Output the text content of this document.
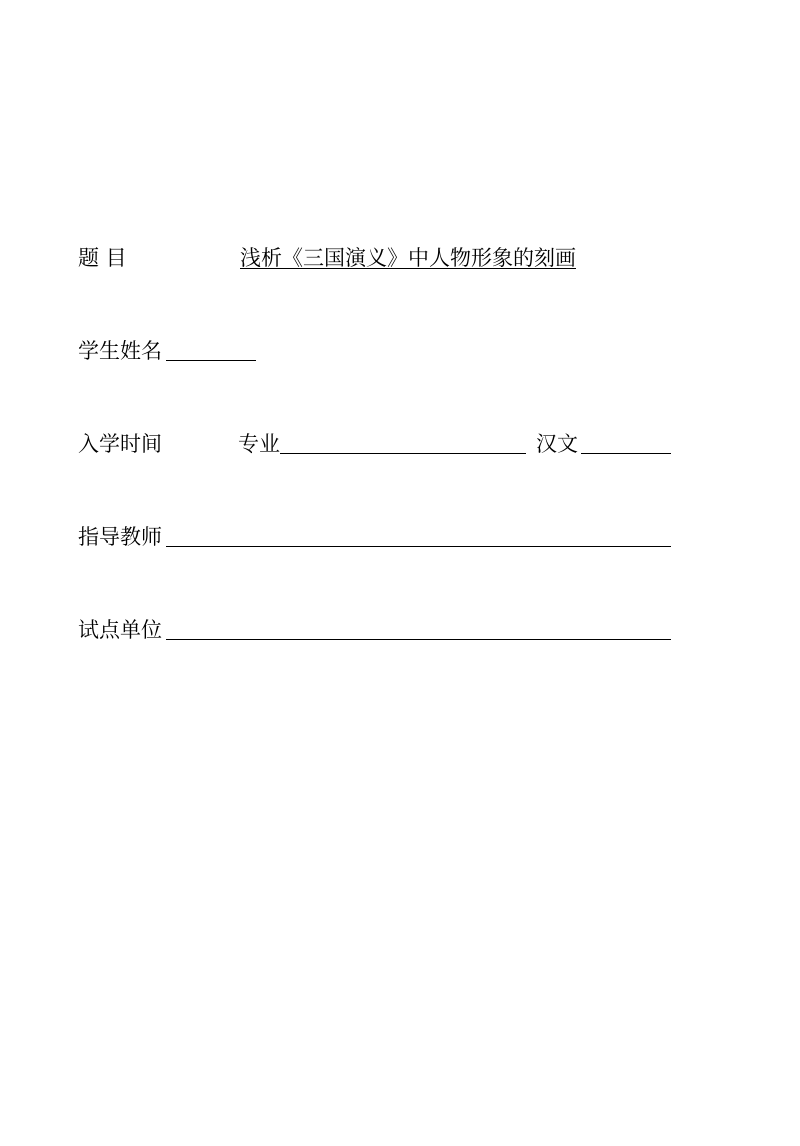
题 目	浅析《三国演义》中人物形象的刻画
学生姓名
入学时间	专业	汉文
指导教师
试点单位
